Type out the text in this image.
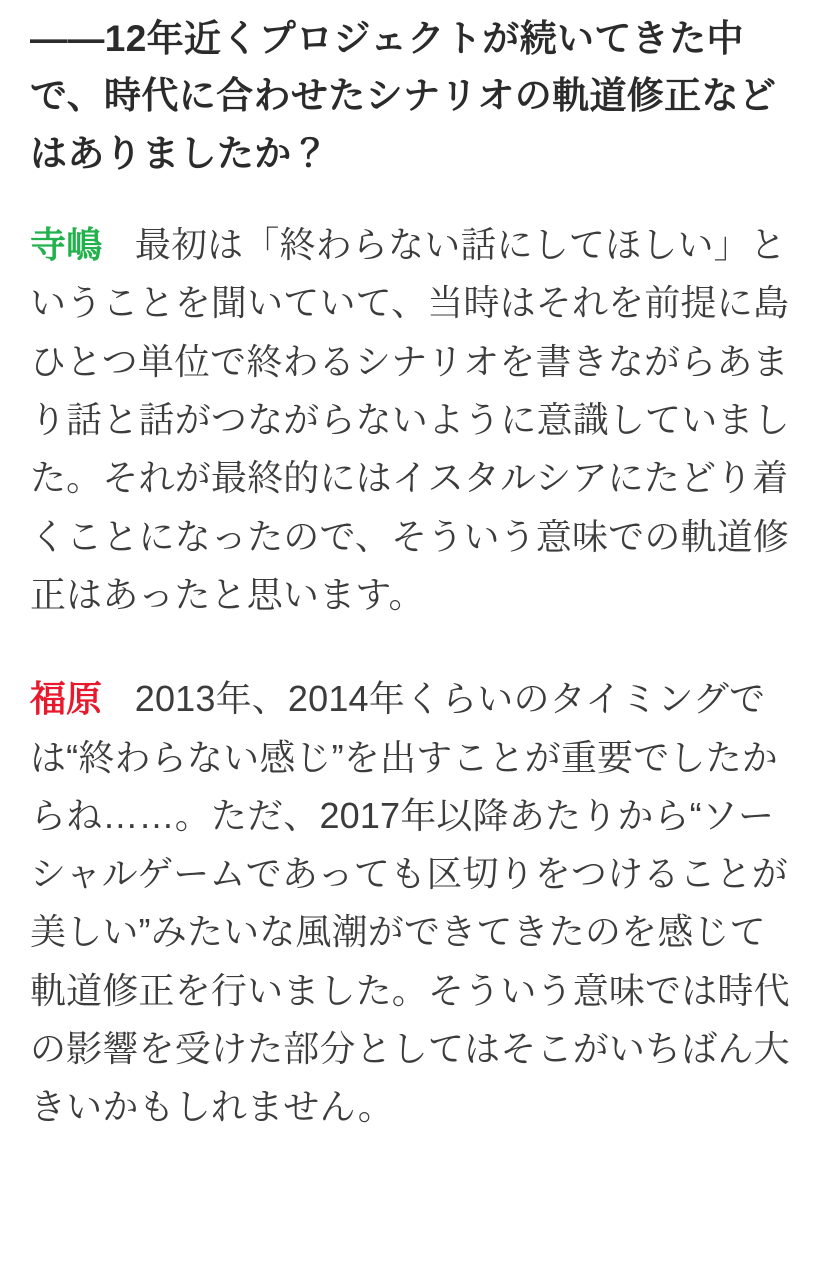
——12年近くプロジェクトが続いてきた中で、時代に合わせたシナリオの軌道修正などはありましたか？

寺嶋 最初は「終わらない話にしてほしい」ということを聞いていて、当時はそれを前提に島ひとつ単位で終わるシナリオを書きながらあまり話と話がつながらないように意識していました。それが最終的にはイスタルシアにたどり着くことになったので、そういう意味での軌道修正はあったと思います。

福原 2013年、2014年くらいのタイミングでは“終わらない感じ”を出すことが重要でしたからね……。ただ、2017年以降あたりから“ソーシャルゲームであっても区切りをつけることが美しい”みたいな風潮ができてきたのを感じて軌道修正を行いました。そういう意味では時代の影響を受けた部分としてはそこがいちばん大きいかもしれません。
